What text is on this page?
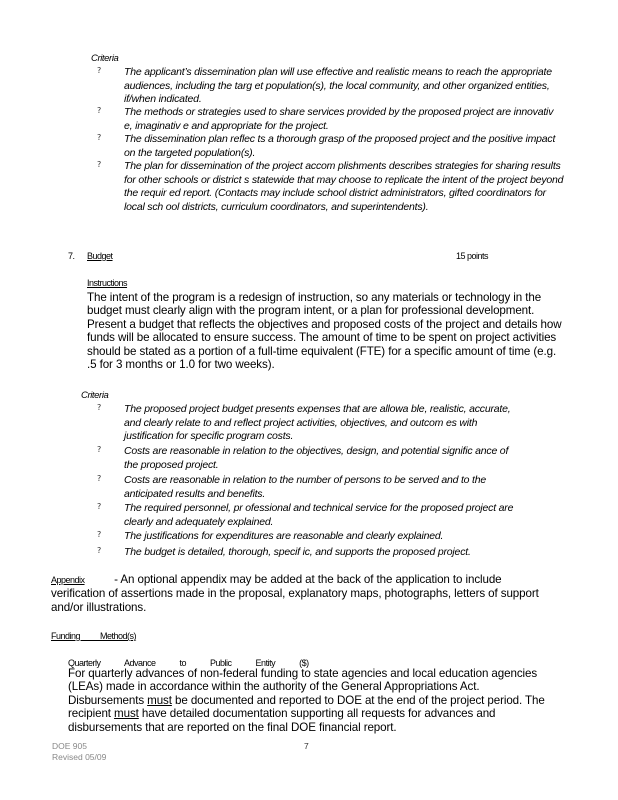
Criteria
? The applicant’s dissemination plan will use effective and realistic means to reach the appropriate audiences, including the targ et population(s), the local community, and other organized entities, if/when indicated.
? The methods or strategies used to share services provided by the proposed project are innovativ e, imaginativ e and appropriate for the project.
? The dissemination plan reflec ts a thorough grasp of the proposed project and the positive impact on the targeted population(s).
? The plan for dissemination of the project accom plishments describes strategies for sharing results for other schools or district s statewide that may choose to replicate the intent of the project beyond the requir ed report. (Contacts may include school district administrators, gifted coordinators for local sch ool districts, curriculum coordinators, and superintendents).
7. Budget	15 points
Instructions
The intent of the program is a redesign of instruction, so any materials or technology in the budget must clearly align with the program intent, or a plan for professional development. Present a budget that reflects the objectives and proposed costs of the project and details how funds will be allocated to ensure success. The amount of time to be spent on project activities should be stated as a portion of a full-time equivalent (FTE) for a specific amount of time (e.g. .5 for 3 months or 1.0 for two weeks).
Criteria
? The proposed project budget presents expenses that are allowa ble, realistic, accurate, and clearly relate to and reflect project activities, objectives, and outcom es with justification for specific program costs.
? Costs are reasonable in relation to the objectives, design, and potential signific ance of the proposed project.
? Costs are reasonable in relation to the number of persons to be served and to the anticipated results and benefits.
? The required personnel, pr ofessional and technical service for the proposed project are clearly and adequately explained.
? The justifications for expenditures are reasonable and clearly explained.
? The budget is detailed, thorough, specif ic, and supports the proposed project.
Appendix - An optional appendix may be added at the back of the application to include verification of assertions made in the proposal, explanatory maps, photographs, letters of support and/or illustrations.
Funding Method(s)
Quarterly Advance to Public Entity ($)
For quarterly advances of non-federal funding to state agencies and local education agencies (LEAs) made in accordance within the authority of the General Appropriations Act. Disbursements must be documented and reported to DOE at the end of the project period. The recipient must have detailed documentation supporting all requests for advances and disbursements that are reported on the final DOE financial report.
DOE 905
Revised 05/09
7
